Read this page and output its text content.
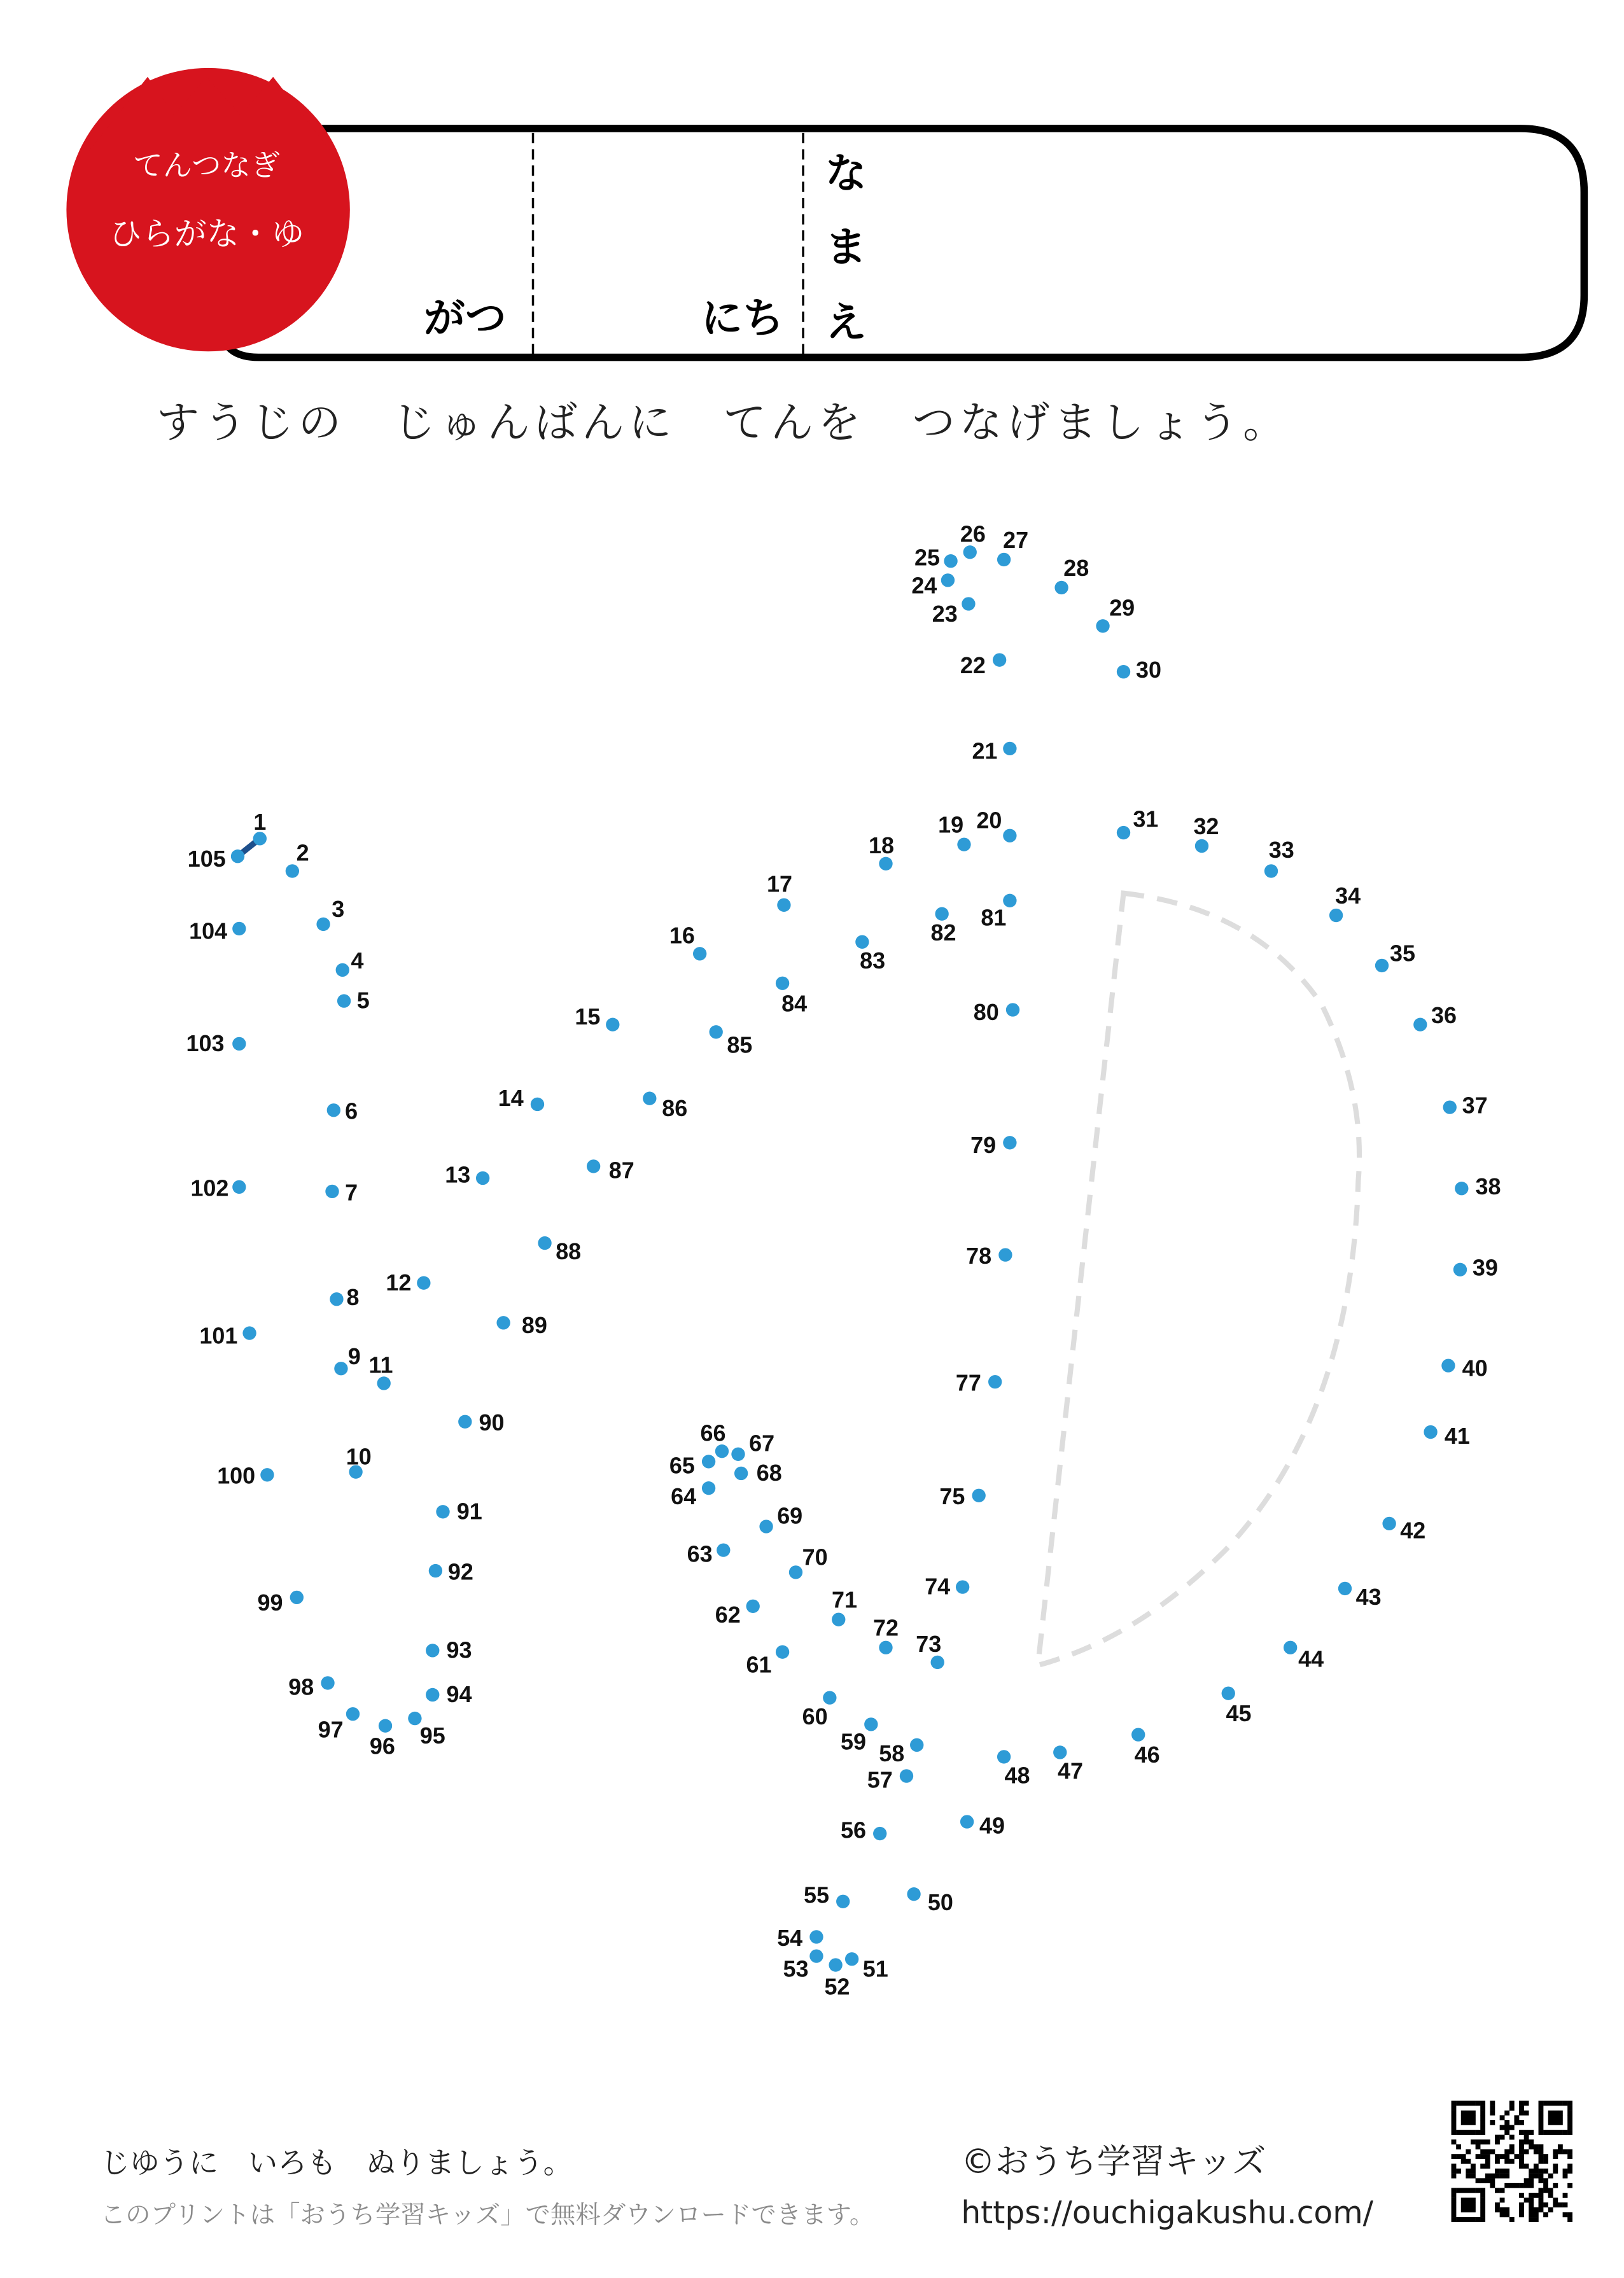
がつ	にち
な
ま
え
てんつなぎ
ひらがな・ゆ
すうじの　じゅんばんに　てんを　つなげましょう。
1
2
3
4
5
6
7
8
9
10
11
12
13
14
15
16
17
18
19 20
21
22
23
24
25
26 27
28
29
30
31	32
33
34
35
36
37
38
39
40
41
42
43
44
45
46
47
48
49
50
51
52
53
54
55
56
57
58
59
60
61
62
63
64
65
66 67
68
69
70
71
72
73
74
75
77
78
79
80
81
82
83
84
85
86
87
88
89
90
91
92
93
94
95
96
97
98
99
100
101
102
103
104
105
じゆうに　いろも　ぬりましょう。
このプリントは「おうち学習キッズ」で無料ダウンロードできます。
©おうち学習キッズ
https://ouchigakushu.com/
